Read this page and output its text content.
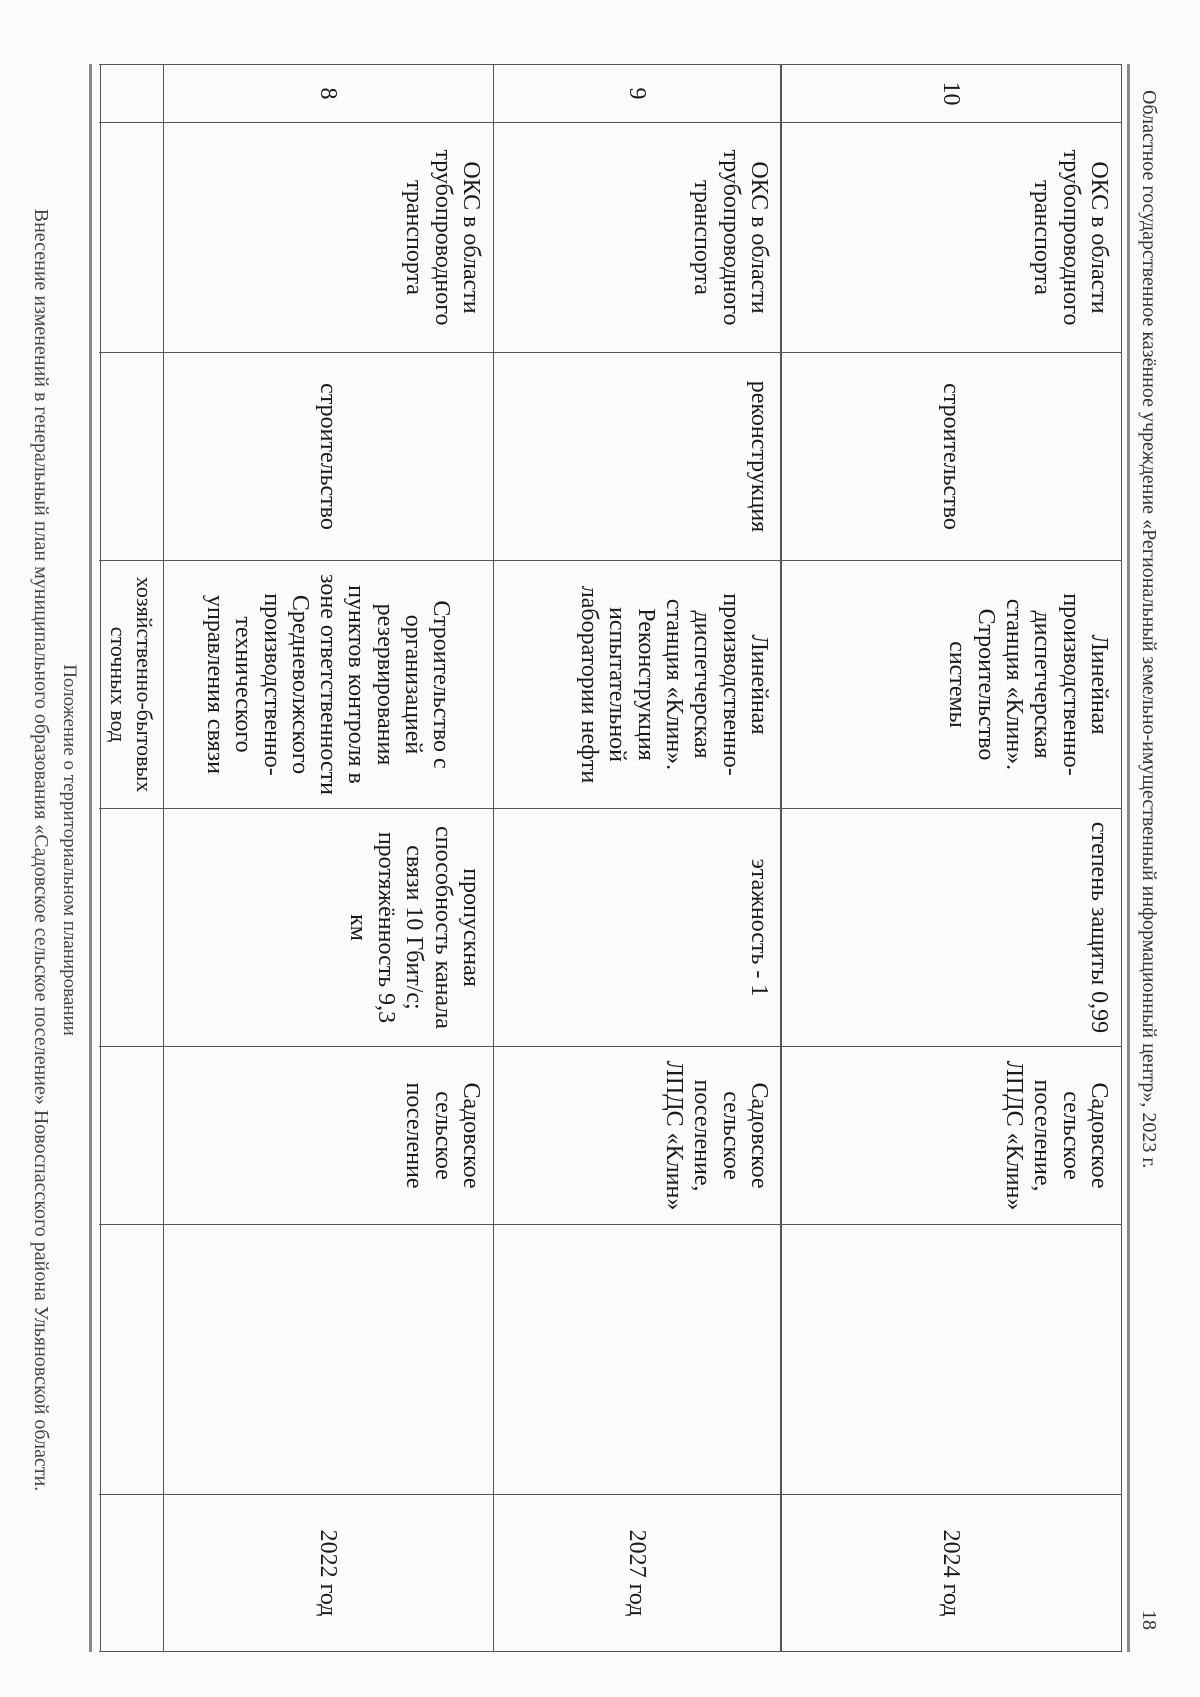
Внесение изменений в генеральный план муниципального образования «Садовское сельское поселение» Новоспасского района Ульяновской области. Положение о территориальном планировании	хозяйственно-бытовых сточных вод
8
ОКС в области трубопроводного транспорта
строительство
Строительство с организацией резервирования пунктов контроля в зоне ответственности Средневолжского производственно-технического управления связи
пропускная способность канала связи 10 Гбит/с; протяжённость 9,3 км
Садовское сельское поселение
2022 год
9
ОКС в области трубопроводного транспорта
реконструкция
Линейная производственно-диспетчерская станция «Клин». Реконструкция испытательной лаборатории нефти
этажность - 1
Садовское сельское поселение, ЛПДС «Клин»
2027 год
10
ОКС в области трубопроводного транспорта
строительство
Линейная производственно-диспетчерская станция «Клин». Строительство системы
степень защиты 0,99
Садовское сельское поселение, ЛПДС «Клин»
2024 год
Областное государственное казённое учреждение «Региональный земельно-имущественный информационный центр», 2023 г.
18
